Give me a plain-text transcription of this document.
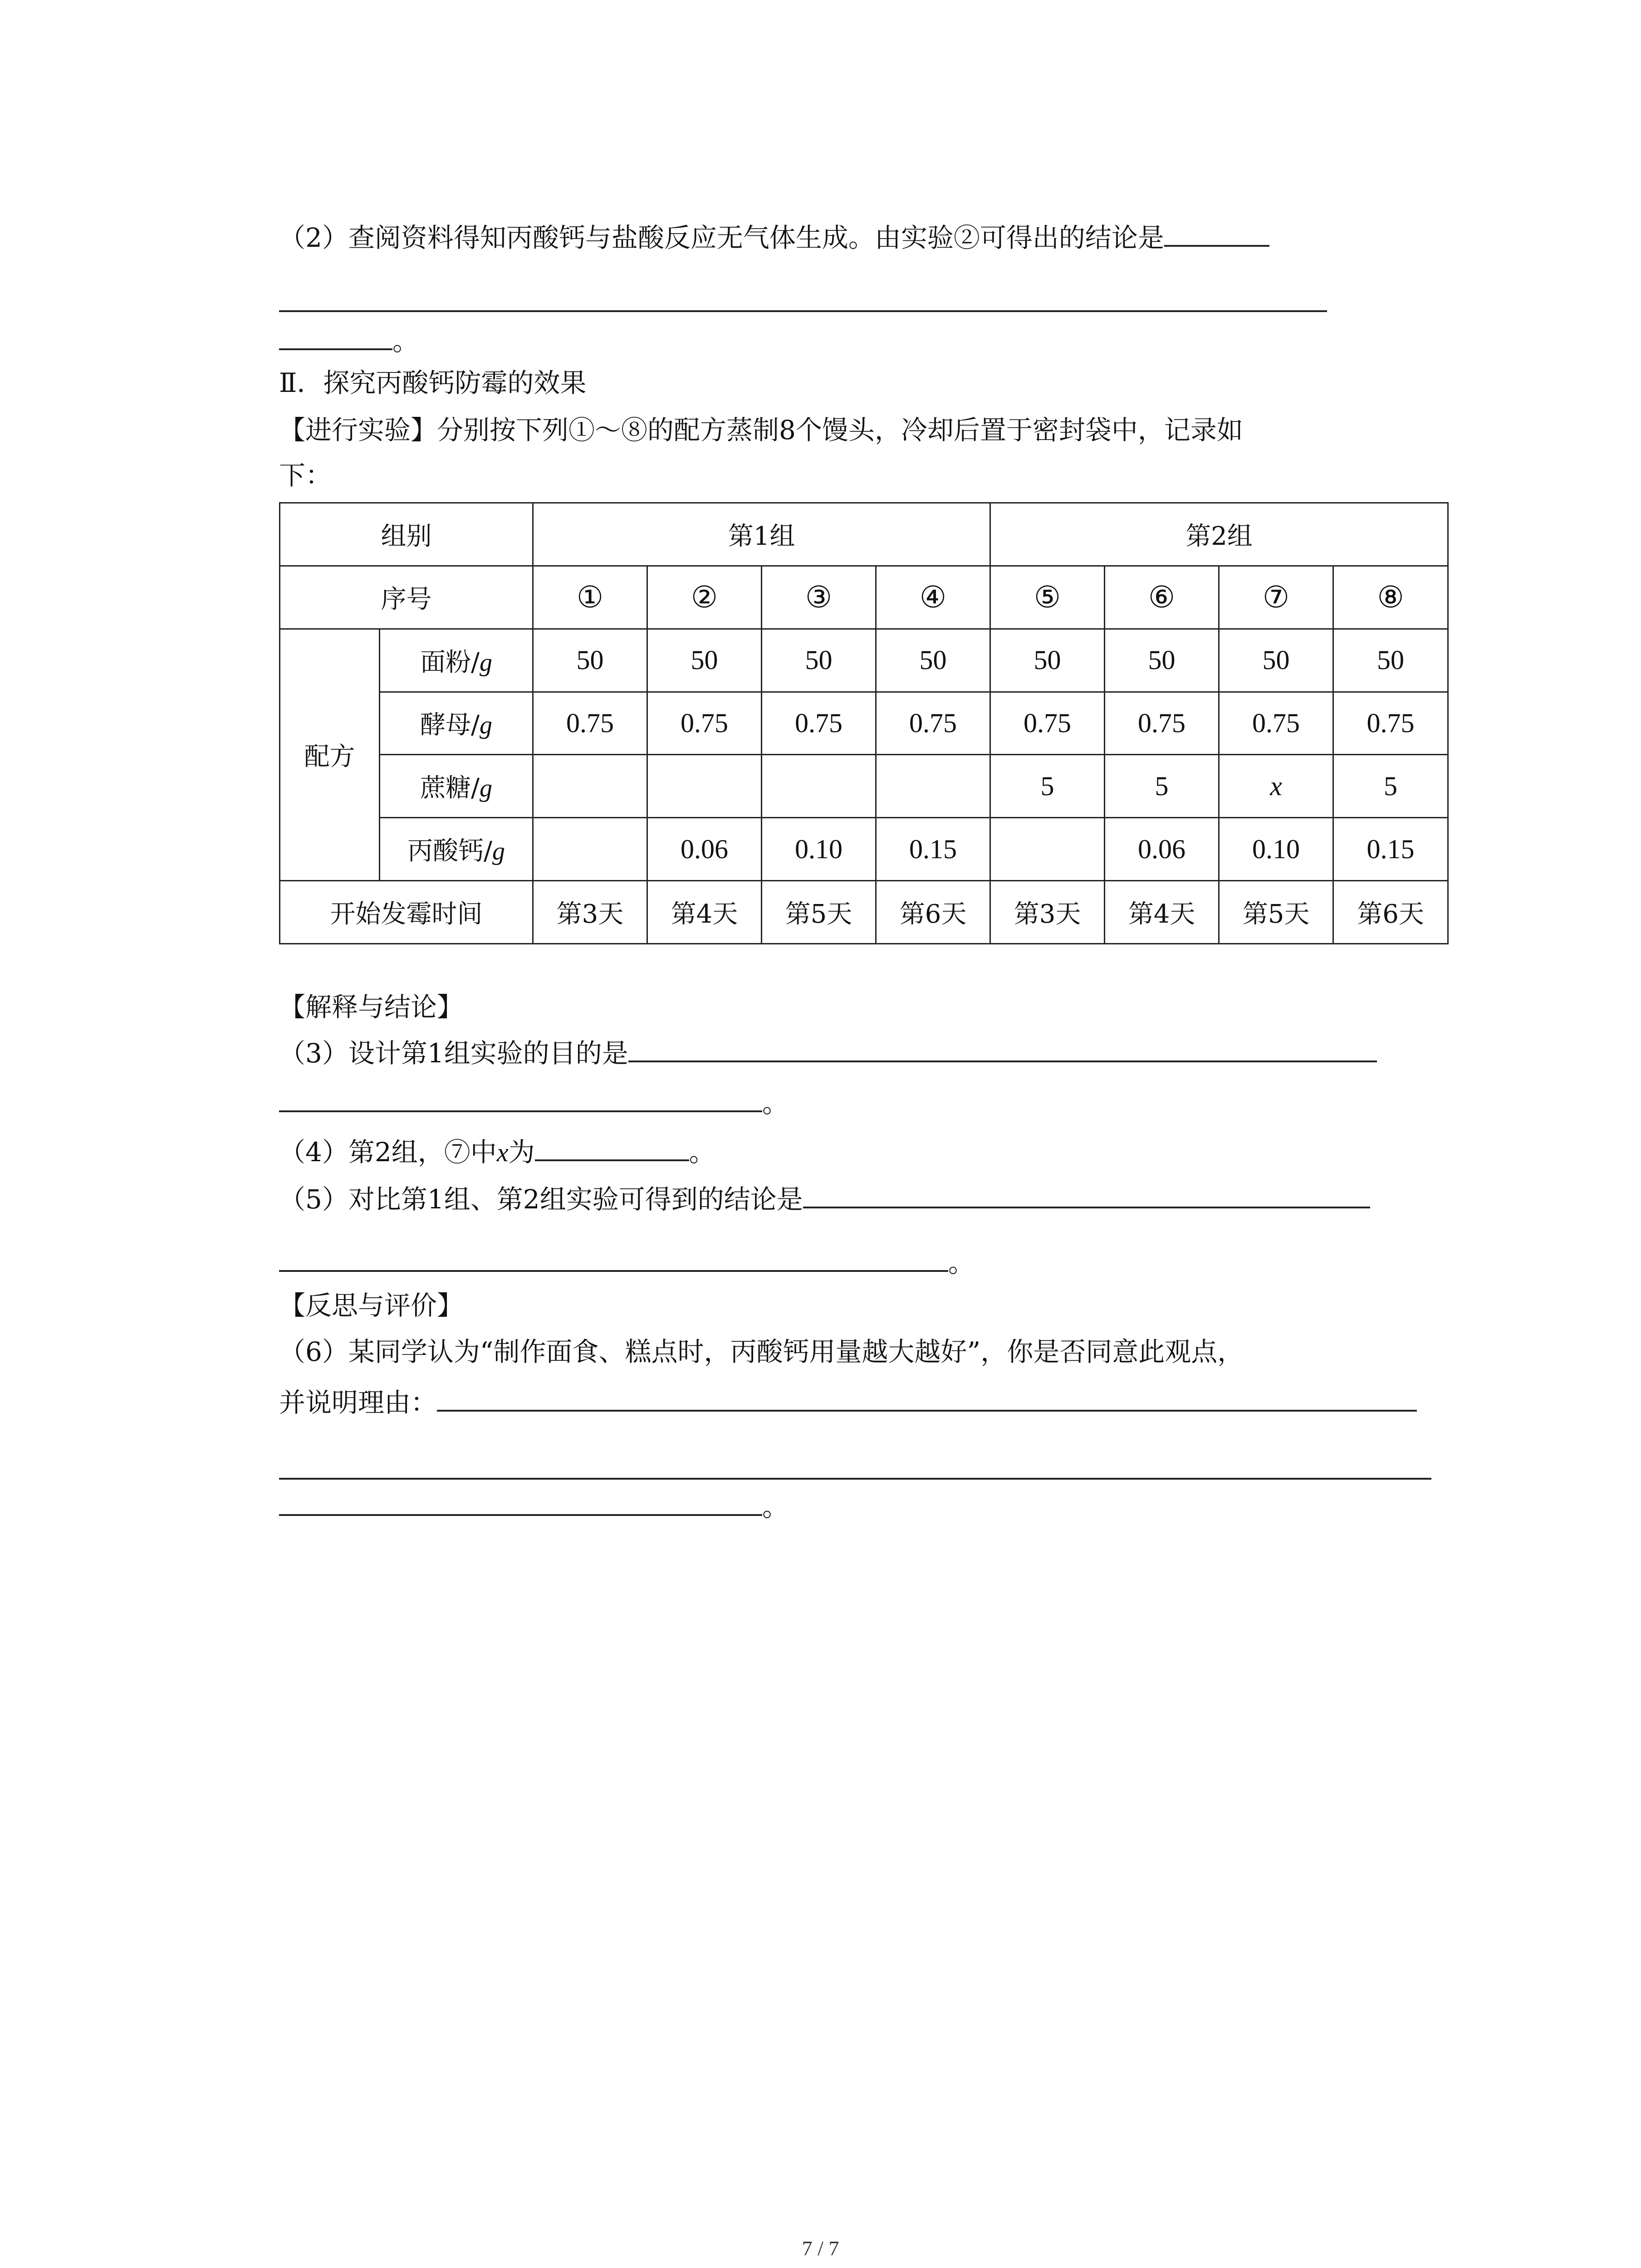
（2）查阅资料得知丙酸钙与盐酸反应无气体生成。由实验②可得出的结论是
。
Ⅱ．探究丙酸钙防霉的效果
【进行实验】分别按下列①～⑧的配方蒸制8个馒头，冷却后置于密封袋中，记录如
下：
组别		第1组				第2组			
序号		①	②	③	④	⑤	⑥	⑦	⑧
配方	面粉/g	50	50	50	50	50	50	50	50
	酵母/g	0.75	0.75	0.75	0.75	0.75	0.75	0.75	0.75
	蔗糖/g					5	5	x	5
	丙酸钙/g		0.06	0.10	0.15		0.06	0.10	0.15
开始发霉时间		第3天	第4天	第5天	第6天	第3天	第4天	第5天	第6天
【解释与结论】
（3）设计第1组实验的目的是
。
（4）第2组，⑦中x为	。
（5）对比第1组、第2组实验可得到的结论是
。
【反思与评价】
（6）某同学认为“制作面食、糕点时，丙酸钙用量越大越好”，你是否同意此观点，
并说明理由：
。
7 / 7
